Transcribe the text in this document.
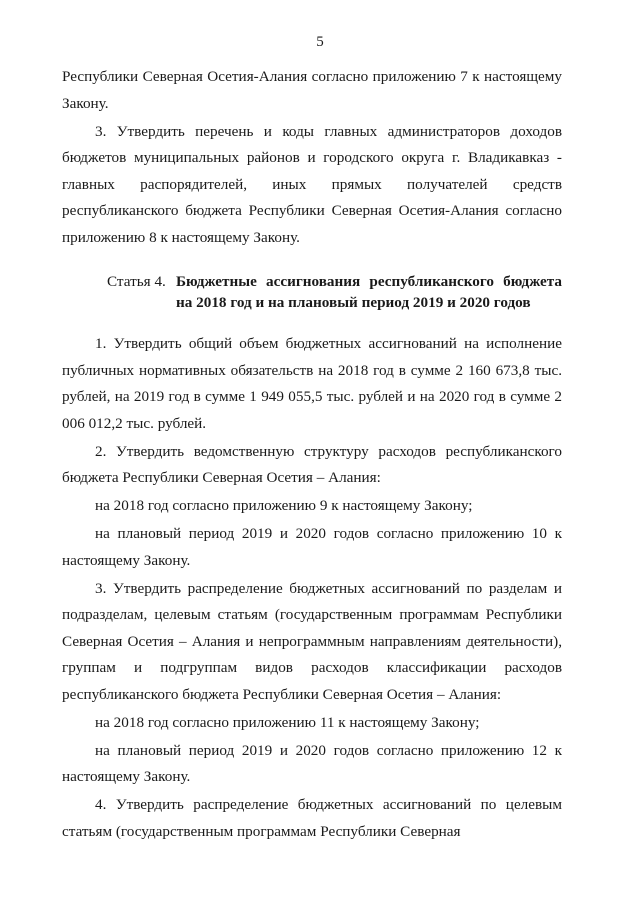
5

Республики Северная Осетия-Алания согласно приложению 7 к настоящему Закону.

3. Утвердить перечень и коды главных администраторов доходов бюджетов муниципальных районов и городского округа г. Владикавказ - главных распорядителей, иных прямых получателей средств республиканского бюджета Республики Северная Осетия-Алания согласно приложению 8 к настоящему Закону.

Статья 4. Бюджетные ассигнования республиканского бюджета на 2018 год и на плановый период 2019 и 2020 годов

1. Утвердить общий объем бюджетных ассигнований на исполнение публичных нормативных обязательств на 2018 год в сумме 2 160 673,8 тыс. рублей, на 2019 год в сумме 1 949 055,5 тыс. рублей и на 2020 год в сумме 2 006 012,2 тыс. рублей.

2. Утвердить ведомственную структуру расходов республиканского бюджета Республики Северная Осетия – Алания:

на 2018 год согласно приложению 9 к настоящему Закону;

на плановый период 2019 и 2020 годов согласно приложению 10 к настоящему Закону.

3. Утвердить распределение бюджетных ассигнований по разделам и подразделам, целевым статьям (государственным программам Республики Северная Осетия – Алания и непрограммным направлениям деятельности), группам и подгруппам видов расходов классификации расходов республиканского бюджета Республики Северная Осетия – Алания:

на 2018 год согласно приложению 11 к настоящему Закону;

на плановый период 2019 и 2020 годов согласно приложению 12 к настоящему Закону.

4. Утвердить распределение бюджетных ассигнований по целевым статьям (государственным программам Республики Северная
